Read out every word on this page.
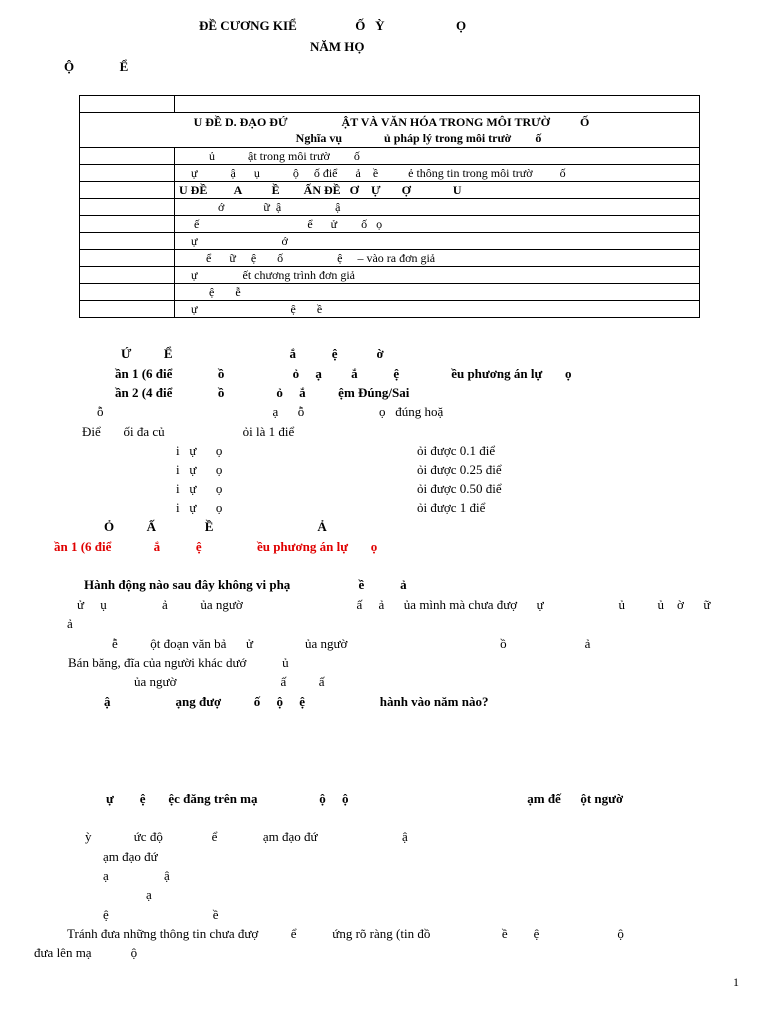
ĐỀ CƯƠNG KIỂ                  Ố   Ỳ                      Ọ
NĂM HỌ
Ộ              Ể

U ĐỀ D. ĐẠO ĐỨ                  ẬT VÀ VĂN HÓA TRONG MÔI TRƯỜ          Ố
Nghĩa vụ              ủ pháp lý trong môi trườ        ố	
	ủ           ật trong môi trườ        ố
	ự           ậ      ụ           ộ     ố điể      ả    ề          ẻ thông tin trong môi trườ         ố
	U ĐỀ         A          Ề        ẤN ĐỀ   Ơ    Ự       Ợ              U
	ớ             ữ  ậ                  ậ
	ế                                    ể      ử        ố   ọ
	ự                            ớ
	ể      ữ     ệ       ố                  ệ     – vào ra đơn giả
	ự               ết chương trình đơn giả
	ệ       ễ
	ự                               ệ       ề
Ứ          Ể                                    ắ           ệ            ờ
ần 1 (6 điể              ồ                     ỏ     ạ         ắ           ệ                ều phương án lự       ọ
ần 2 (4 điể              ồ                ỏ     ắ          ệm Đúng/Sai
ỗ                                                    ạ      ỗ                       ọ   đúng hoặ
Điể       ối đa củ                        ỏi là 1 điể
i   ự      ọ	ỏi được 0.1 điể
i   ự      ọ	ỏi được 0.25 điể
i   ự      ọ	ỏi được 0.50 điể
i   ự      ọ	ỏi được 1 điể
Ỏ          Ấ               Ề                                Ả
ần 1 (6 điể             ắ           ệ                 ều phương án lự       ọ
Hành động nào sau đây không vi phạ                     ề           ả
ử     ụ                 ả          ủa ngườ                                   ấ     ả      ủa mình mà chưa đượ      ự                       ủ          ủ    ờ      ữ
ả
ễ          ột đoạn văn bả      ử                ủa ngườ                                               ồ                        ả
Bán băng, đĩa của người khác dướ           ủ
ủa ngườ                                ấ          ấ
ậ                    ạng đượ          ố     ộ     ệ                       hành vào năm nào?
ự        ệ       ệc đăng trên mạ                   ộ     ộ                                                       ạm đế      ột ngườ
ỳ             ức độ               ể              ạm đạo đứ                          ậ
ạm đạo đứ
ạ                 ậ
ạ
ệ                                ề
Tránh đưa những thông tin chưa đượ          ể           ứng rõ ràng (tin đồ                      ề        ệ                        ộ
đưa lên mạ            ộ
1
